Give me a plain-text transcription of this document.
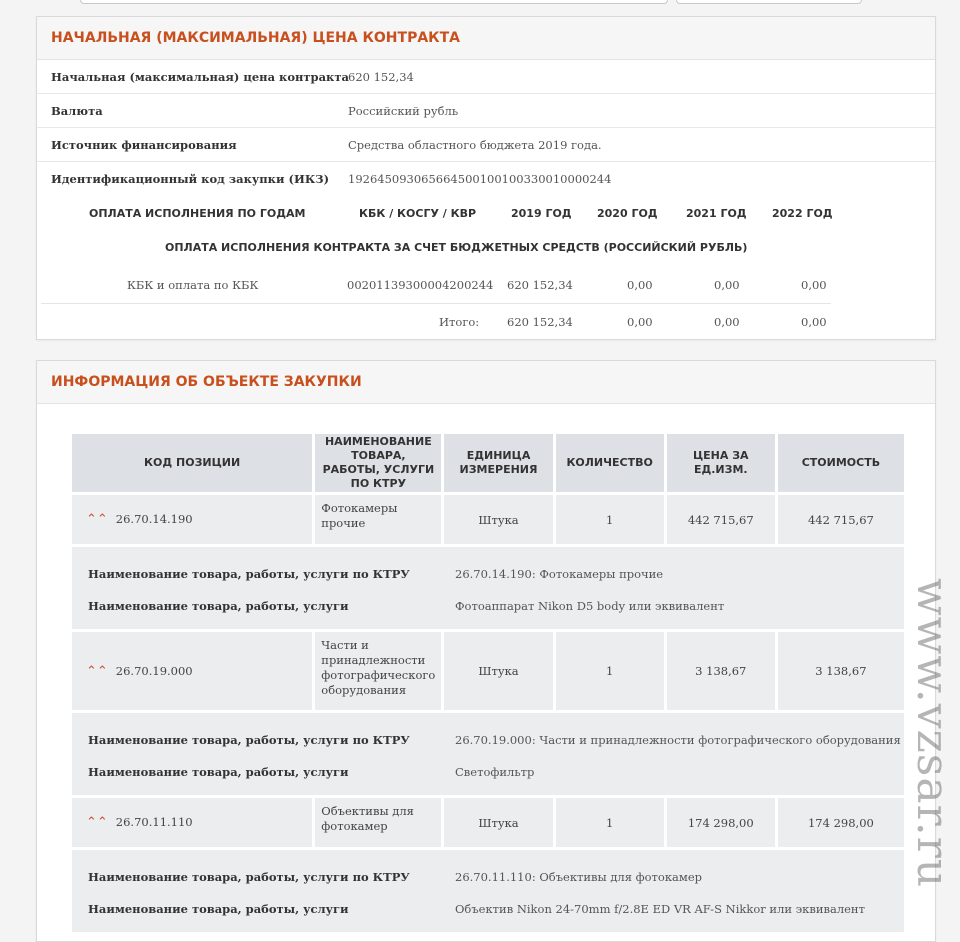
НАЧАЛЬНАЯ (МАКСИМАЛЬНАЯ) ЦЕНА КОНТРАКТА
Начальная (максимальная) цена контракта 620 152,34
Валюта	Российский рубль
Источник финансирования	Средства областного бюджета 2019 года.
Идентификационный код закупки (ИКЗ) 192645093065664500100100330010000244
ОПЛАТА ИСПОЛНЕНИЯ ПО ГОДАМ	КБК / КОСГУ / КВР	2019 ГОД 2020 ГОД	2021 ГОД 2022 ГОД
ОПЛАТА ИСПОЛНЕНИЯ КОНТРАКТА ЗА СЧЕТ БЮДЖЕТНЫХ СРЕДСТВ (РОССИЙСКИЙ РУБЛЬ)
КБК и оплата по КБК	00201139300004200244 620 152,34	0,00	0,00	0,00
Итого: 620 152,34	0,00	0,00	0,00
ИНФОРМАЦИЯ ОБ ОБЪЕКТЕ ЗАКУПКИ
КОД ПОЗИЦИИ	НАИМЕНОВАНИЕ ТОВАРА, РАБОТЫ, УСЛУГИ ПО КТРУ	ЕДИНИЦА ИЗМЕРЕНИЯ	КОЛИЧЕСТВО	ЦЕНА ЗА ЕД.ИЗМ.	СТОИМОСТЬ
⌃⌃ 26.70.14.190	Фотокамеры прочие	Штука	1	442 715,67	442 715,67

Наименование товара, работы, услуги по КТРУ 26.70.14.190: Фотокамеры прочие
Наименование товара, работы, услуги Фотоаппарат Nikon D5 body или эквивалент					

⌃⌃ 26.70.19.000	Части и принадлежности фотографического оборудования	Штука	1	3 138,67	3 138,67

Наименование товара, работы, услуги по КТРУ 26.70.19.000: Части и принадлежности фотографического оборудования
Наименование товара, работы, услуги Светофильтр					

⌃⌃ 26.70.11.110	Объективы для фотокамер	Штука	1	174 298,00	174 298,00

Наименование товара, работы, услуги по КТРУ 26.70.11.110: Объективы для фотокамер
Наименование товара, работы, услуги Объектив Nikon 24-70mm f/2.8E ED VR AF-S Nikkor или эквивалент					
www.vzsar.ru
